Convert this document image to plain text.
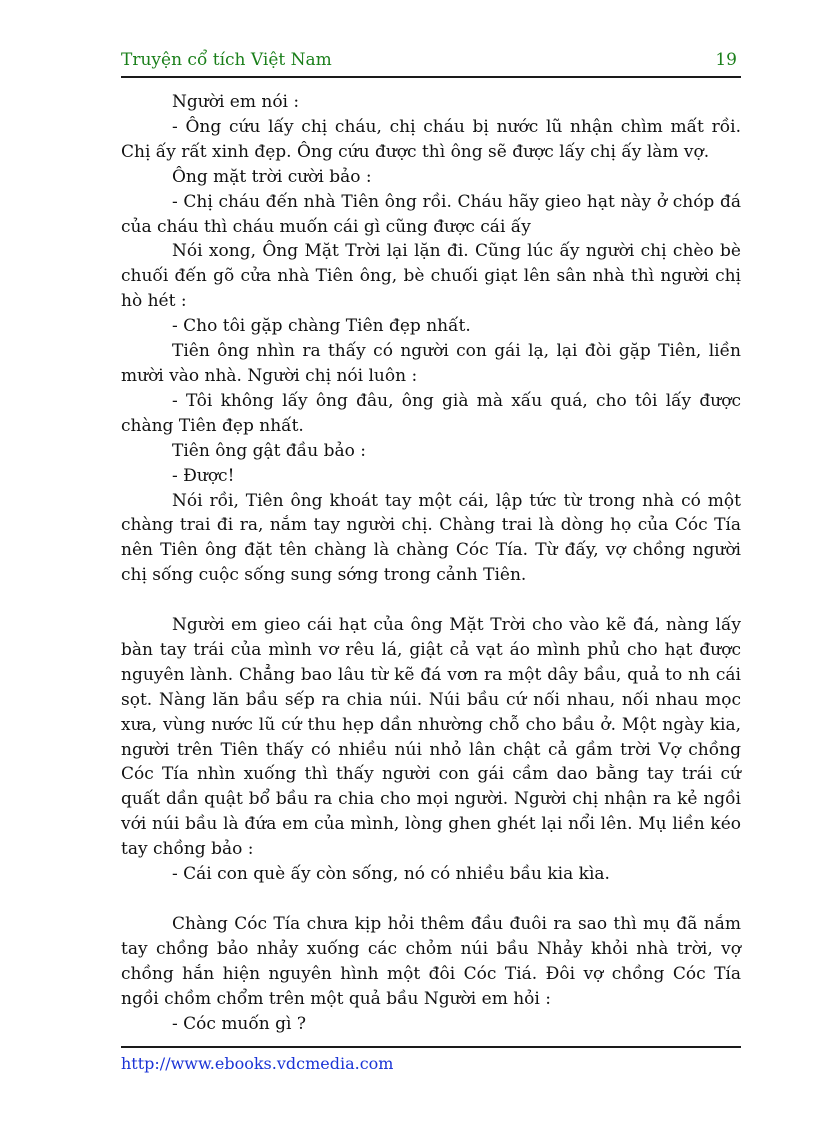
Truyện cổ tích Việt Nam	19

Người em nói :

- Ông cứu lấy chị cháu, chị cháu bị nước lũ nhận chìm mất rồi. Chị ấy rất xinh đẹp. Ông cứu được thì ông sẽ được lấy chị ấy làm vợ.

Ông mặt trời cười bảo :

- Chị cháu đến nhà Tiên ông rồi. Cháu hãy gieo hạt này ở chóp đá của cháu thì cháu muốn cái gì cũng được cái ấy

Nói xong, Ông Mặt Trời lại lặn đi. Cũng lúc ấy người chị chèo bè chuối đến gõ cửa nhà Tiên ông, bè chuối giạt lên sân nhà thì người chị hò hét :

- Cho tôi gặp chàng Tiên đẹp nhất.

Tiên ông nhìn ra thấy có người con gái lạ, lại đòi gặp Tiên, liền mười vào nhà. Người chị nói luôn :

- Tôi không lấy ông đâu, ông già mà xấu quá, cho tôi lấy được chàng Tiên đẹp nhất.

Tiên ông gật đầu bảo :

- Được!

Nói rồi, Tiên ông khoát tay một cái, lập tức từ trong nhà có một chàng trai đi ra, nắm tay người chị. Chàng trai là dòng họ của Cóc Tía nên Tiên ông đặt tên chàng là chàng Cóc Tía. Từ đấy, vợ chồng người chị sống cuộc sống sung sớng trong cảnh Tiên.

Người em gieo cái hạt của ông Mặt Trời cho vào kẽ đá, nàng lấy bàn tay trái của mình vơ rêu lá, giật cả vạt áo mình phủ cho hạt được nguyên lành. Chẳng bao lâu từ kẽ đá vơn ra một dây bầu, quả to nh cái sọt. Nàng lăn bầu sếp ra chia núi. Núi bầu cứ nối nhau, nối nhau mọc xưa, vùng nước lũ cứ thu hẹp dần nhường chỗ cho bầu ở. Một ngày kia, người trên Tiên thấy có nhiều núi nhỏ lân chật cả gầm trời Vợ chồng Cóc Tía nhìn xuống thì thấy người con gái cầm dao bằng tay trái cứ quất dần quật bổ bầu ra chia cho mọi người. Người chị nhận ra kẻ ngồi với núi bầu là đứa em của mình, lòng ghen ghét lại nổi lên. Mụ liền kéo tay chồng bảo :

- Cái con què ấy còn sống, nó có nhiều bầu kia kìa.

Chàng Cóc Tía chưa kịp hỏi thêm đầu đuôi ra sao thì mụ đã nắm tay chồng bảo nhảy xuống các chỏm núi bầu Nhảy khỏi nhà trời, vợ chồng hắn hiện nguyên hình một đôi Cóc Tiá. Đôi vợ chồng Cóc Tía ngồi chồm chổm trên một quả bầu Người em hỏi :

- Cóc muốn gì ?

http://www.ebooks.vdcmedia.com
